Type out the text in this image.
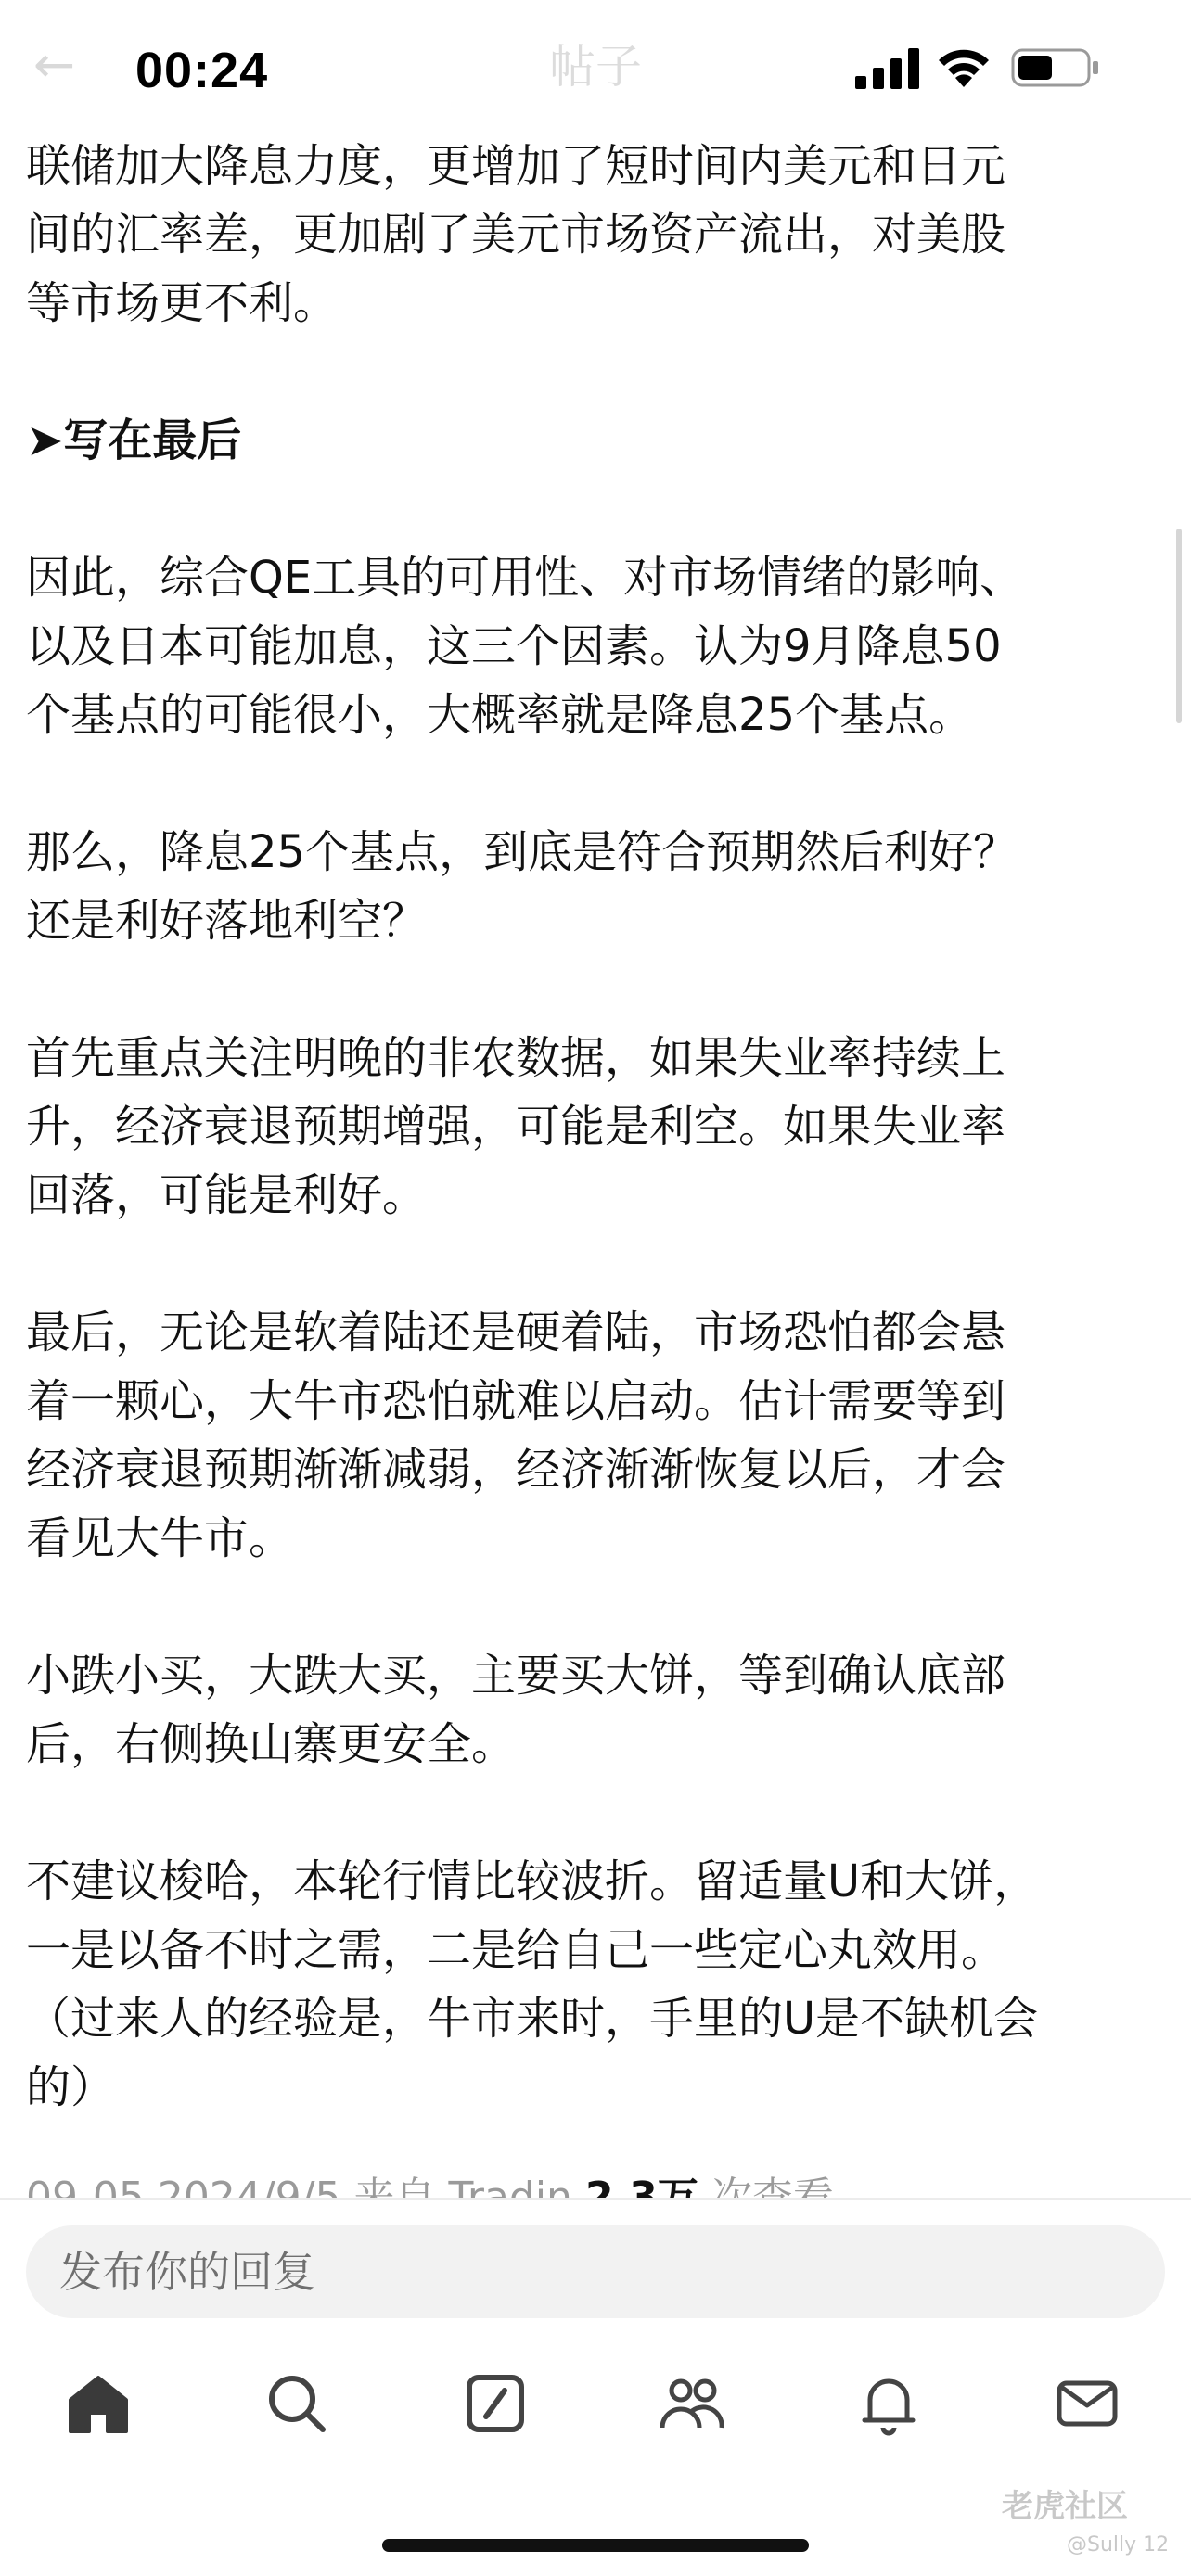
←	帖子
00:24

联储加大降息力度，更增加了短时间内美元和日元
间的汇率差，更加剧了美元市场资产流出，对美股
等市场更不利。

➤写在最后

因此，综合QE工具的可用性、对市场情绪的影响、
以及日本可能加息，这三个因素。认为9月降息50
个基点的可能很小，大概率就是降息25个基点。

那么，降息25个基点，到底是符合预期然后利好？
还是利好落地利空？

首先重点关注明晚的非农数据，如果失业率持续上
升，经济衰退预期增强，可能是利空。如果失业率
回落，可能是利好。

最后，无论是软着陆还是硬着陆，市场恐怕都会悬
着一颗心，大牛市恐怕就难以启动。估计需要等到
经济衰退预期渐渐减弱，经济渐渐恢复以后，才会
看见大牛市。

小跌小买，大跌大买，主要买大饼，等到确认底部
后，右侧换山寨更安全。

不建议梭哈，本轮行情比较波折。留适量U和大饼，
一是以备不时之需，二是给自己一些定心丸效用。
（过来人的经验是，牛市来时，手里的U是不缺机会
的）

发布你的回复
老虎社区
@Sully 12
